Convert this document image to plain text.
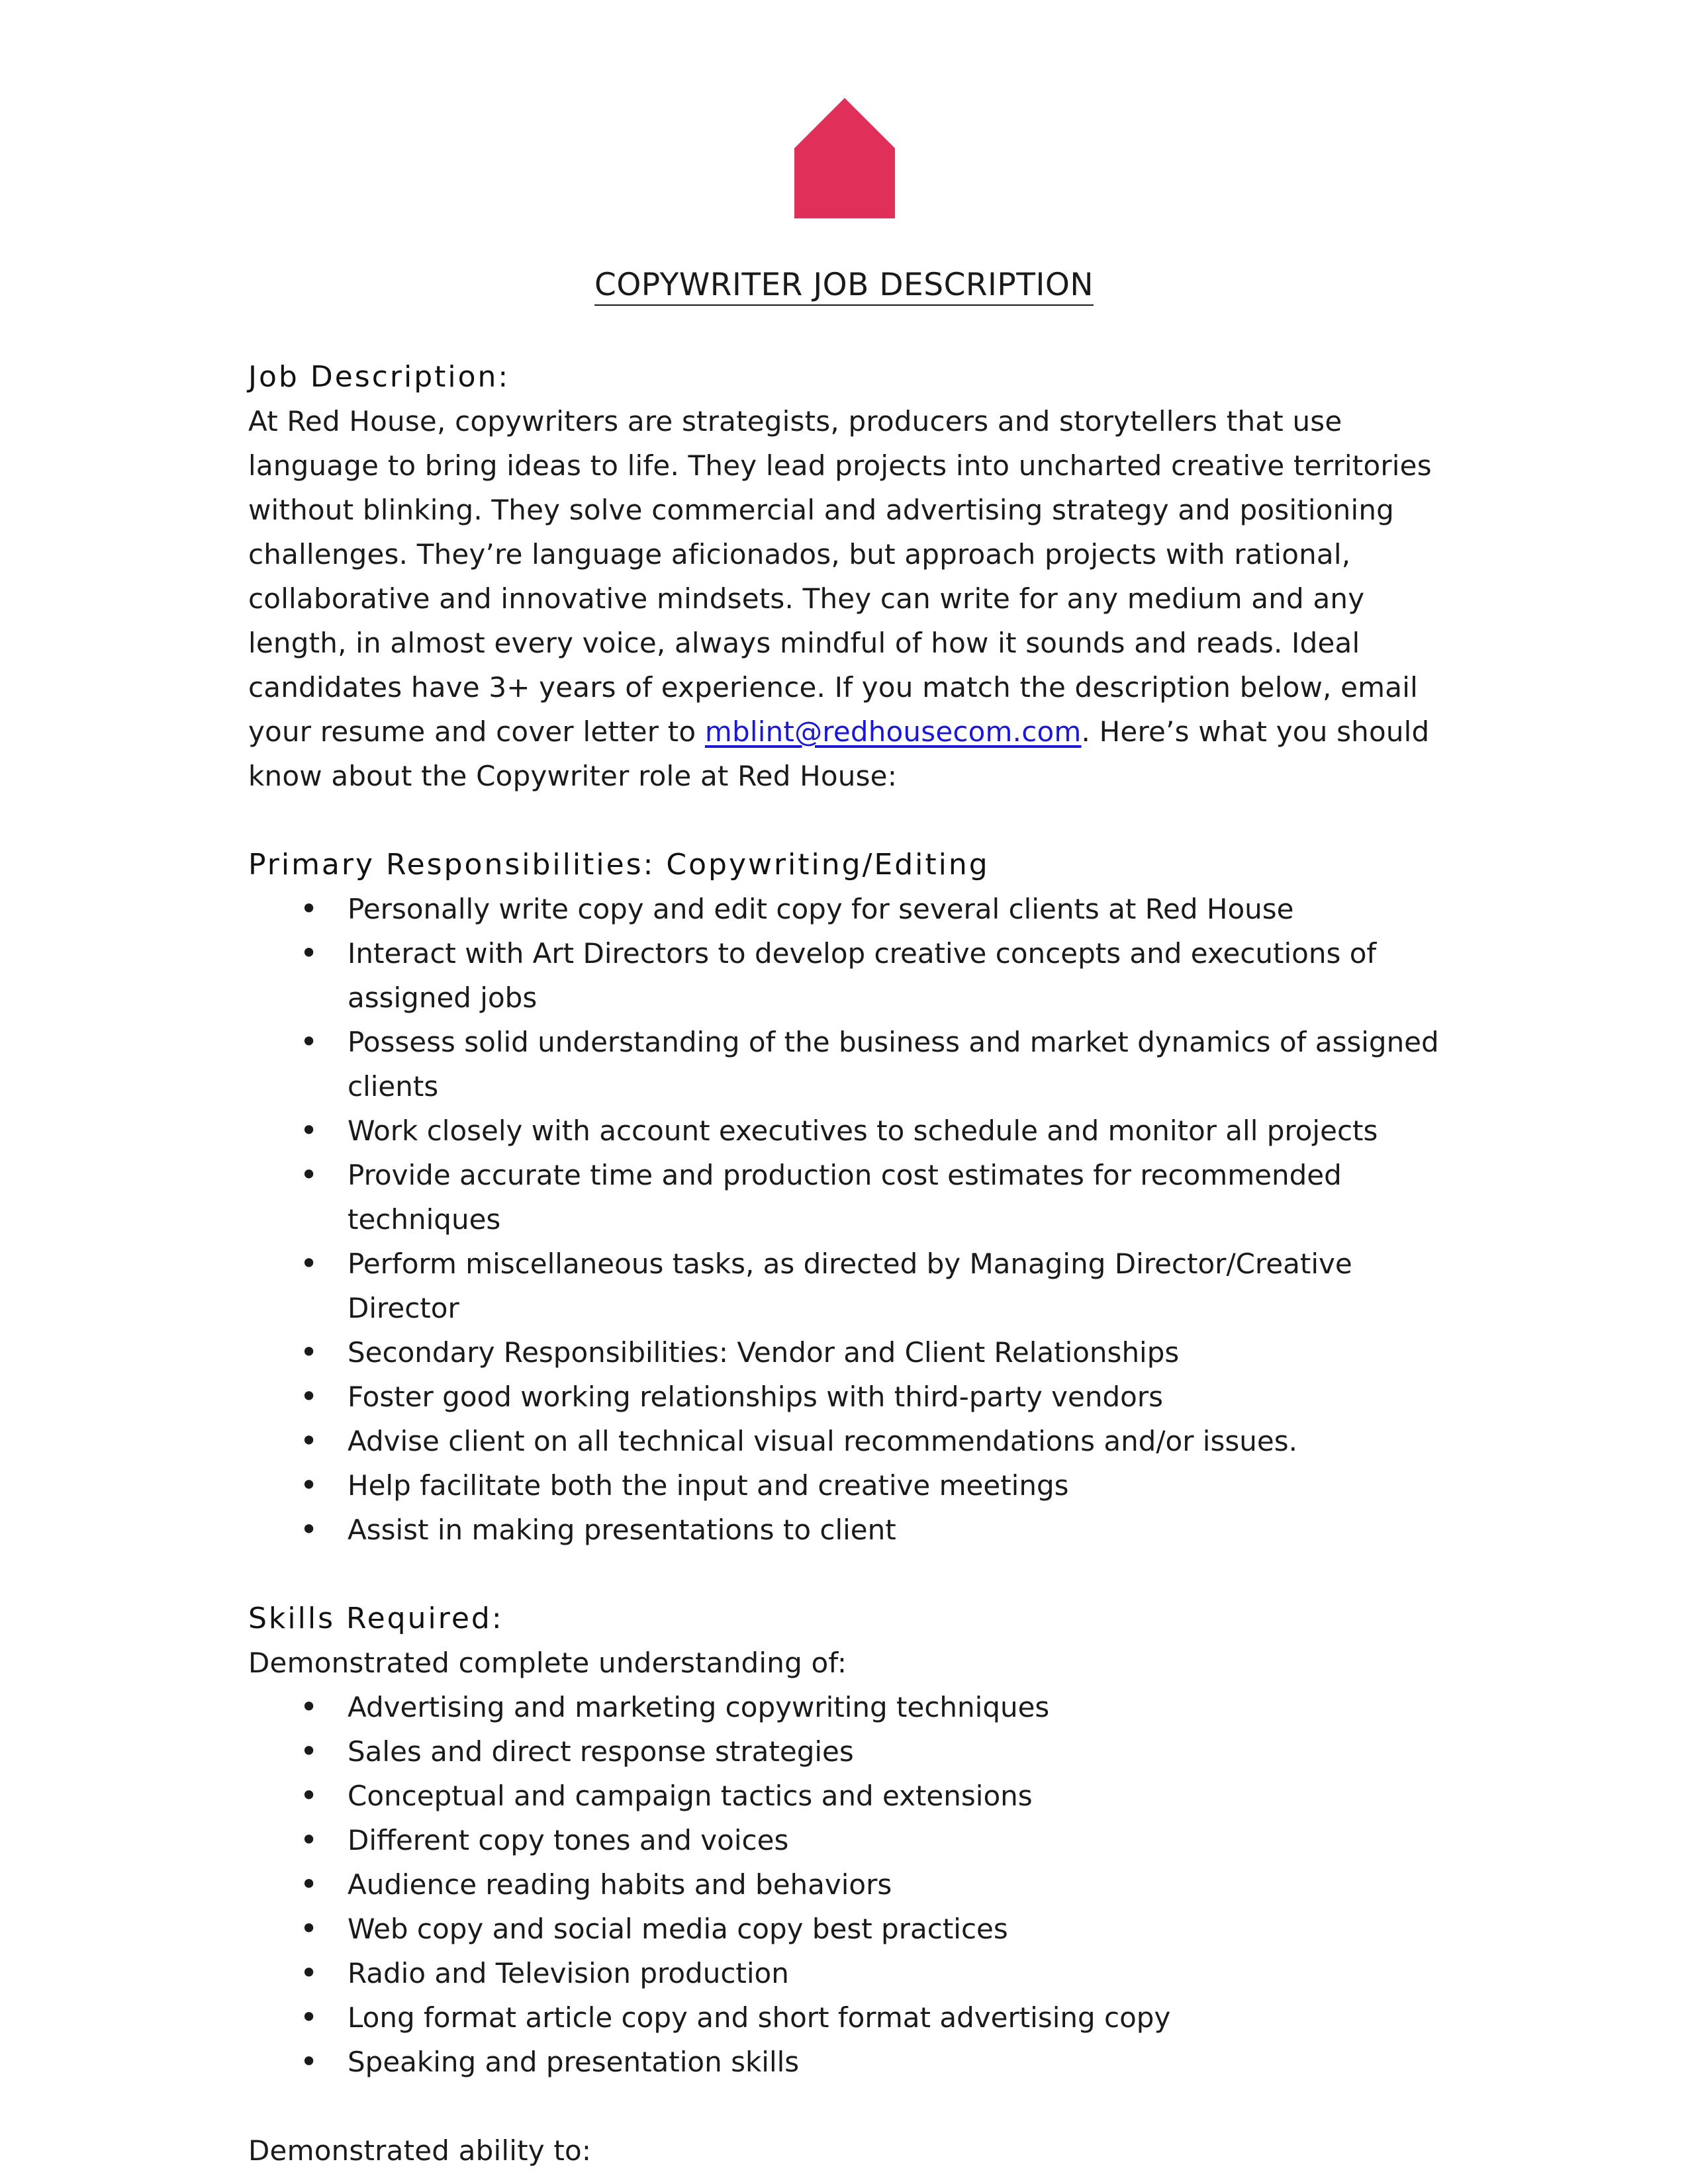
COPYWRITER JOB DESCRIPTION
Job Description:

At Red House, copywriters are strategists, producers and storytellers that use language to bring ideas to life. They lead projects into uncharted creative territories without blinking. They solve commercial and advertising strategy and positioning challenges. They’re language aficionados, but approach projects with rational, collaborative and innovative mindsets. They can write for any medium and any length, in almost every voice, always mindful of how it sounds and reads. Ideal candidates have 3+ years of experience. If you match the description below, email your resume and cover letter to mblint@redhousecom.com. Here’s what you should know about the Copywriter role at Red House:

Primary Responsibilities: Copywriting/Editing
• Personally write copy and edit copy for several clients at Red House
• Interact with Art Directors to develop creative concepts and executions of assigned jobs
• Possess solid understanding of the business and market dynamics of assigned clients
• Work closely with account executives to schedule and monitor all projects
• Provide accurate time and production cost estimates for recommended techniques
• Perform miscellaneous tasks, as directed by Managing Director/Creative Director
• Secondary Responsibilities: Vendor and Client Relationships
• Foster good working relationships with third-party vendors
• Advise client on all technical visual recommendations and/or issues.
• Help facilitate both the input and creative meetings
• Assist in making presentations to client
Skills Required:

Demonstrated complete understanding of:

• Advertising and marketing copywriting techniques
• Sales and direct response strategies
• Conceptual and campaign tactics and extensions
• Different copy tones and voices
• Audience reading habits and behaviors
• Web copy and social media copy best practices
• Radio and Television production
• Long format article copy and short format advertising copy
• Speaking and presentation skills

Demonstrated ability to:
